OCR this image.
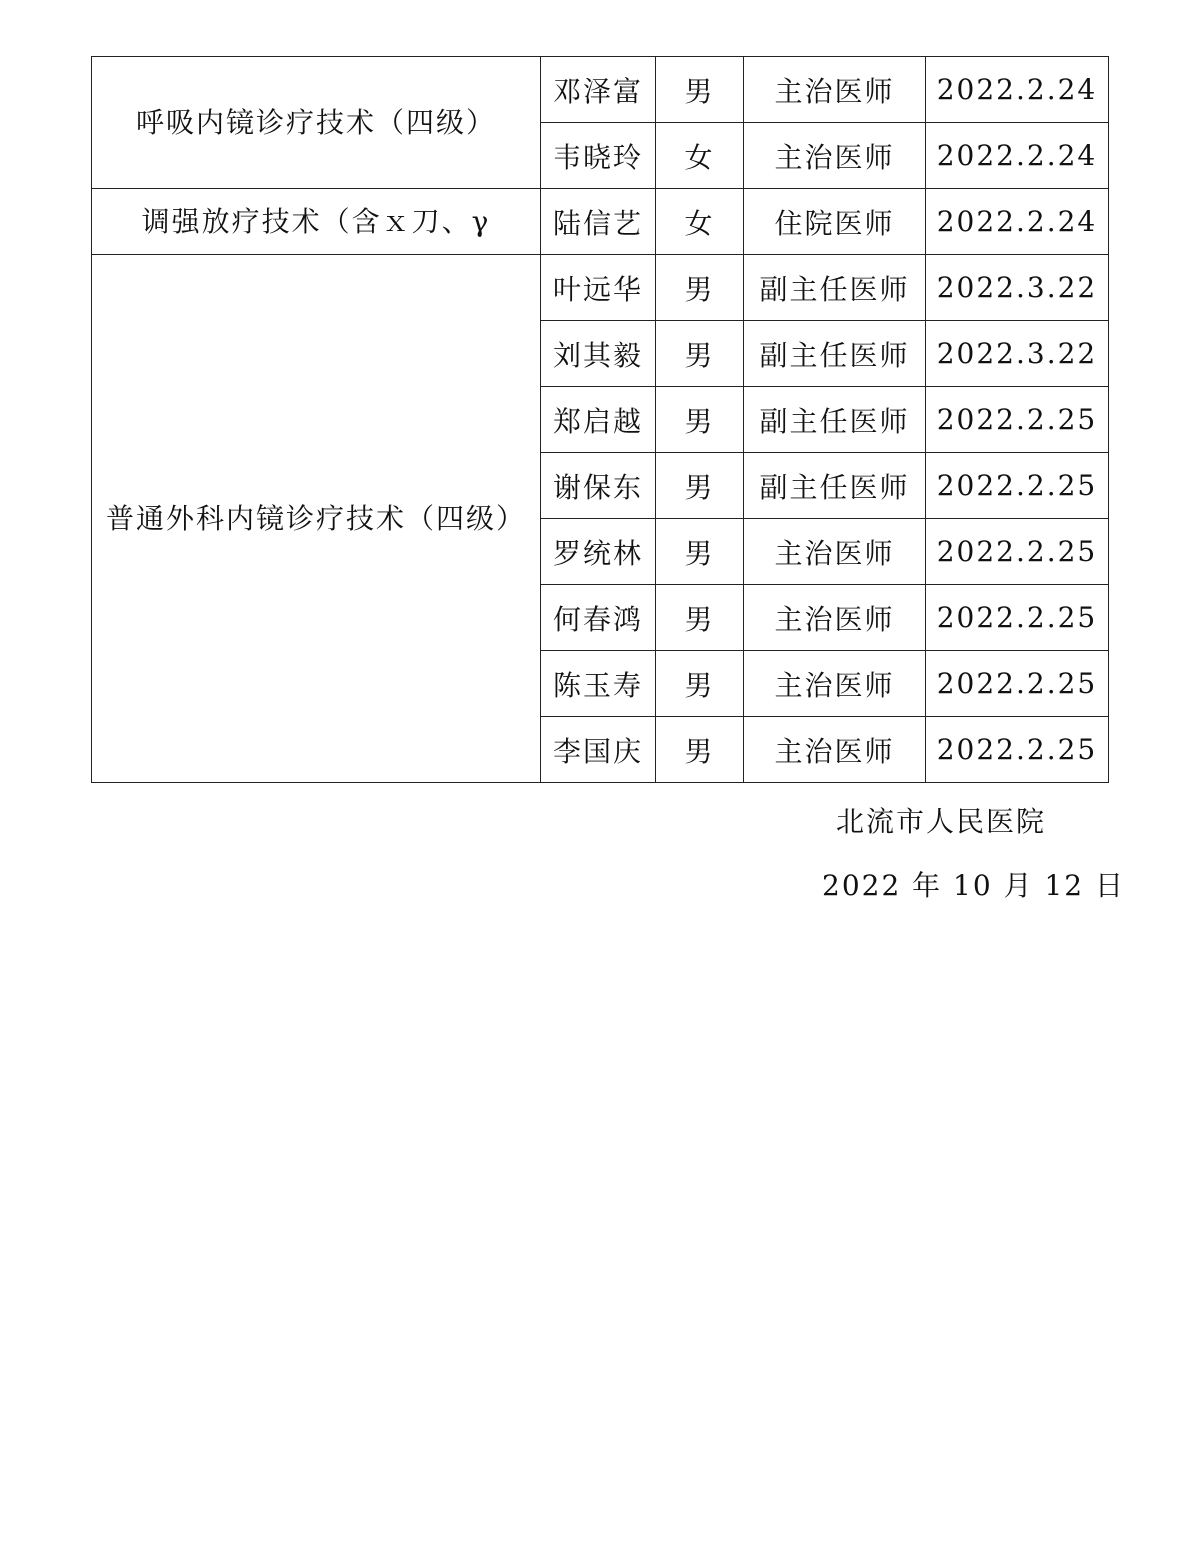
呼吸内镜诊疗技术（四级）	邓泽富	男	主治医师	2022.2.24
	韦晓玲	女	主治医师	2022.2.24
调强放疗技术（含ｘ刀、γ	陆信艺	女	住院医师	2022.2.24
普通外科内镜诊疗技术（四级）	叶远华	男	副主任医师	2022.3.22
	刘其毅	男	副主任医师	2022.3.22
	郑启越	男	副主任医师	2022.2.25
	谢保东	男	副主任医师	2022.2.25
	罗统林	男	主治医师	2022.2.25
	何春鸿	男	主治医师	2022.2.25
	陈玉寿	男	主治医师	2022.2.25
	李国庆	男	主治医师	2022.2.25
北流市人民医院
2022 年 10 月 12 日
